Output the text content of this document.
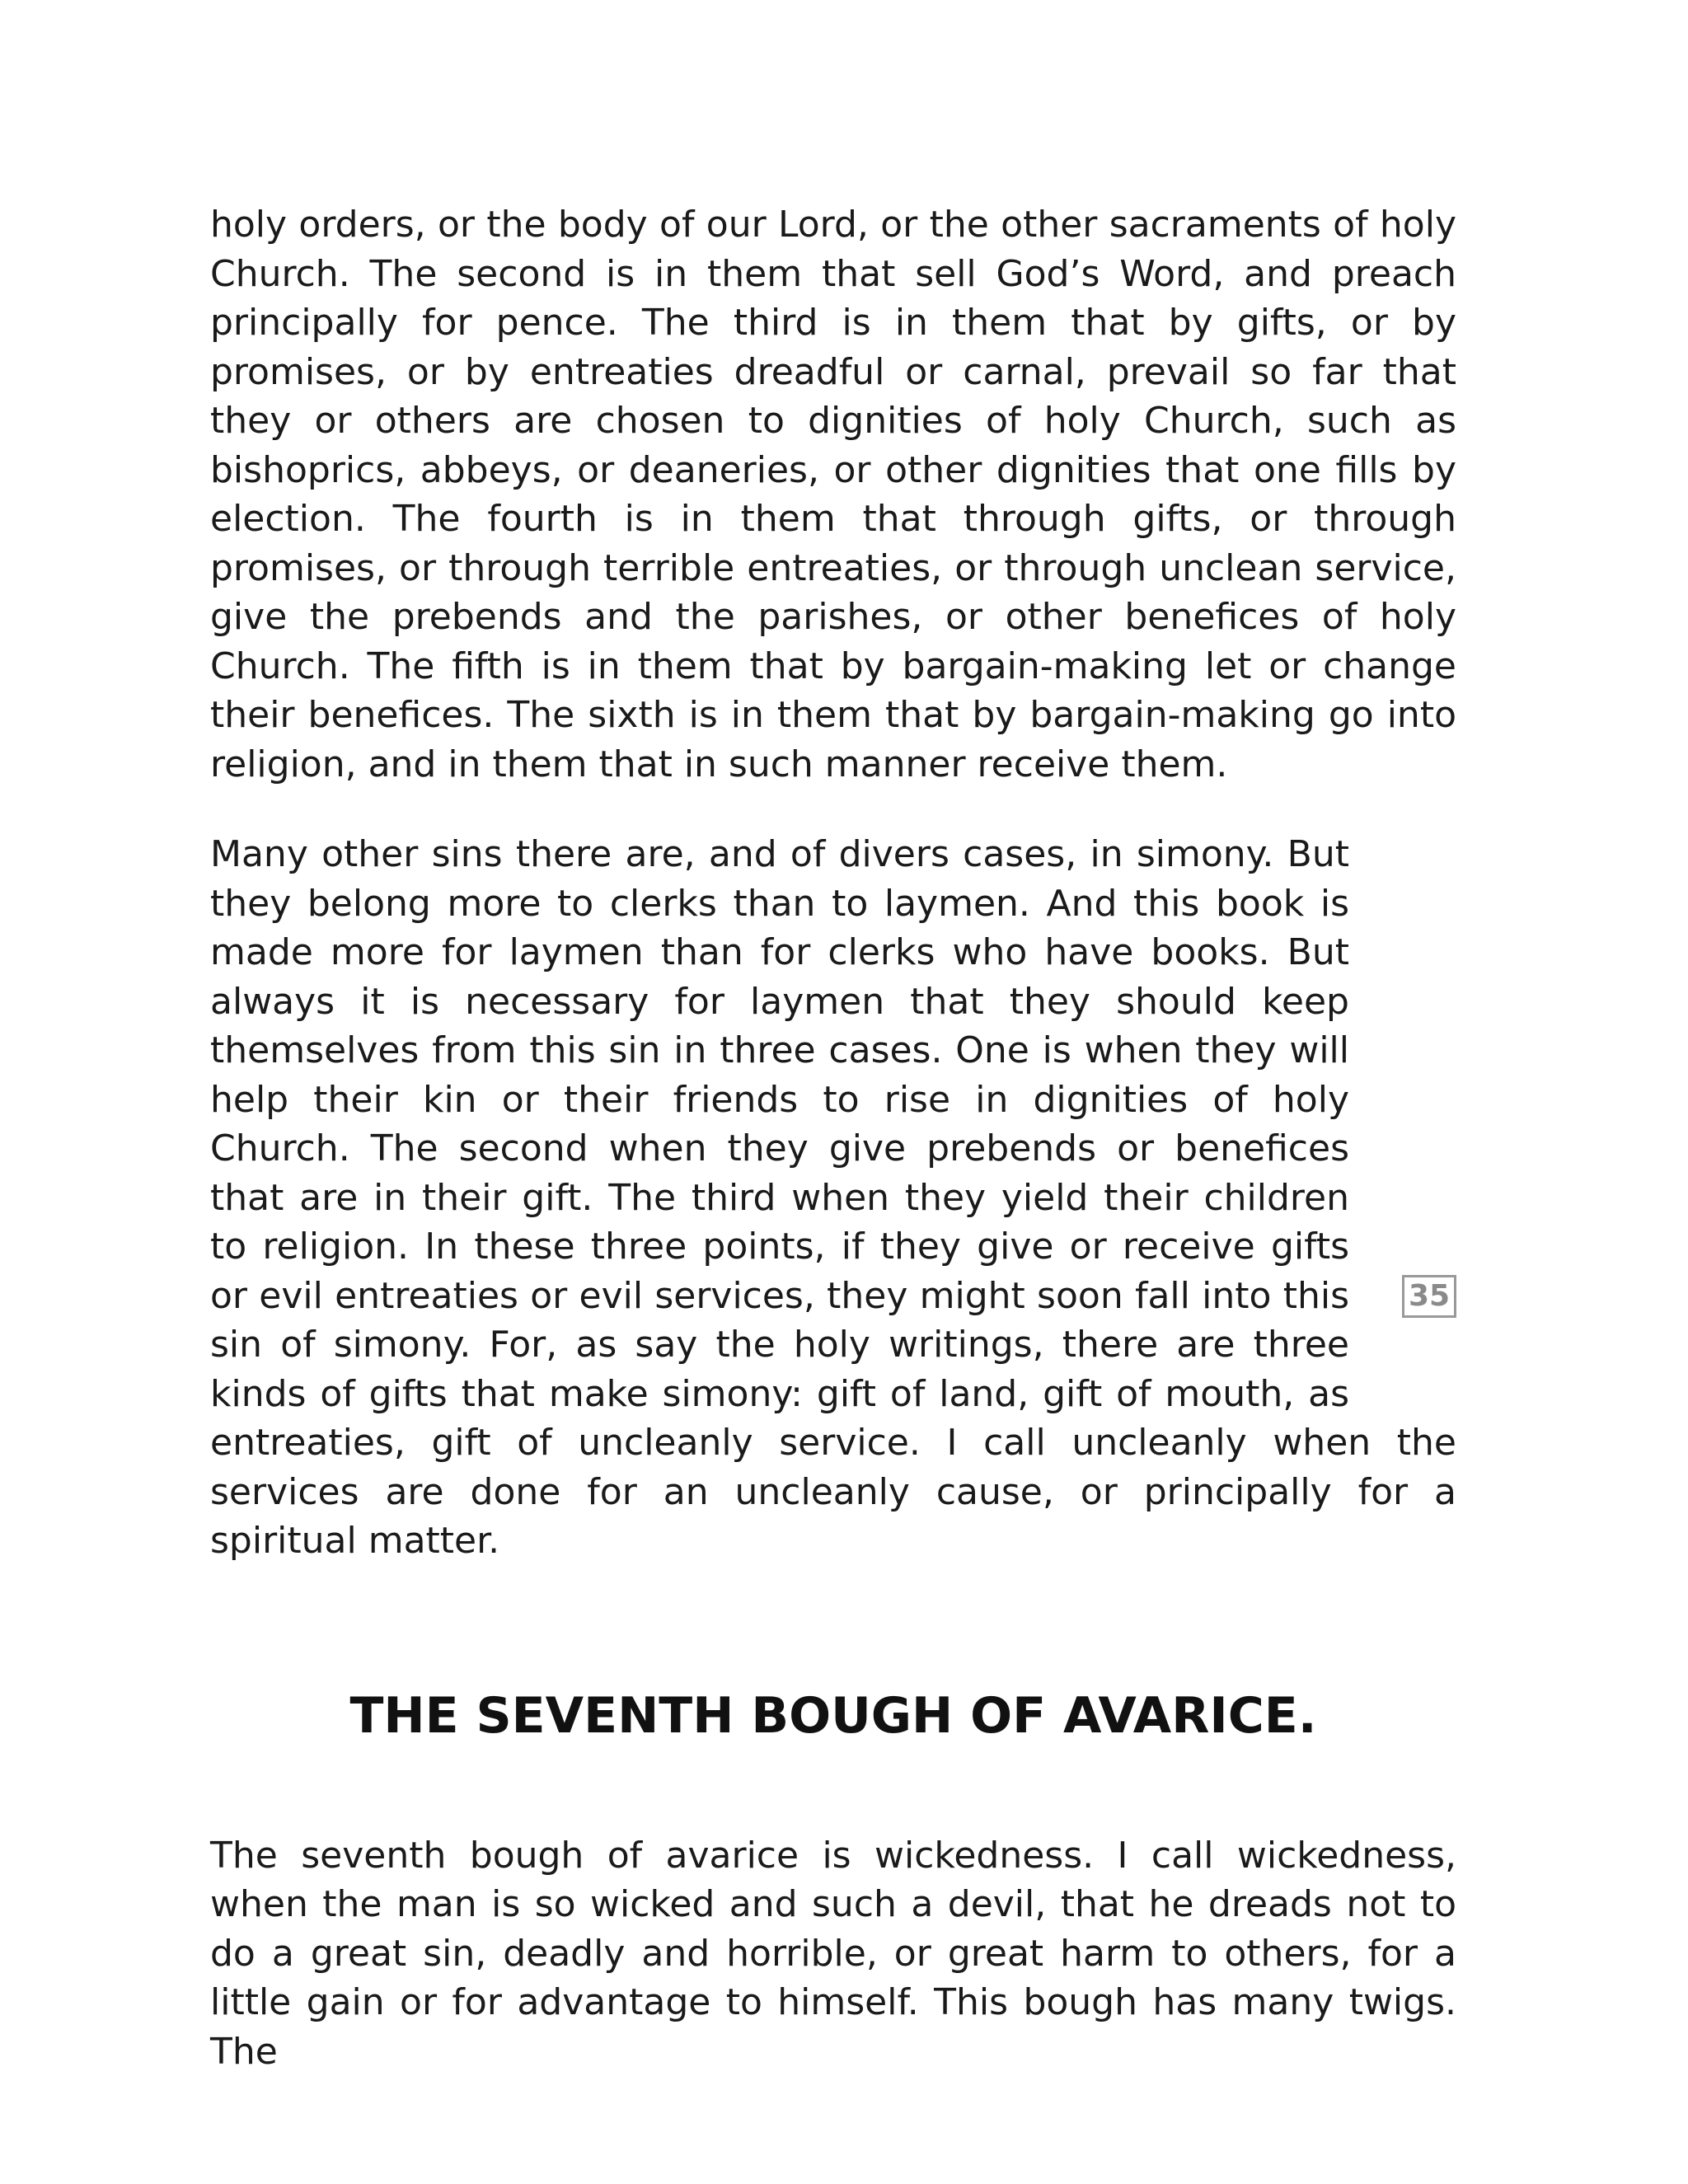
holy orders, or the body of our Lord, or the other sacraments of holy Church. The second is in them that sell God’s Word, and preach principally for pence. The third is in them that by gifts, or by promises, or by entreaties dreadful or carnal, prevail so far that they or others are chosen to dignities of holy Church, such as bishoprics, abbeys, or deaneries, or other dignities that one fills by election. The fourth is in them that through gifts, or through promises, or through terrible entreaties, or through unclean service, give the prebends and the parishes, or other benefices of holy Church. The fifth is in them that by bargain-making let or change their benefices. The sixth is in them that by bargain-making go into religion, and in them that in such manner receive them.

35

Many other sins there are, and of divers cases, in simony. But they belong more to clerks than to laymen. And this book is made more for laymen than for clerks who have books. But always it is necessary for laymen that they should keep themselves from this sin in three cases. One is when they will help their kin or their friends to rise in dignities of holy Church. The second when they give prebends or benefices that are in their gift. The third when they yield their children to religion. In these three points, if they give or receive gifts or evil entreaties or evil services, they might soon fall into this sin of simony. For, as say the holy writings, there are three kinds of gifts that make simony: gift of land, gift of mouth, as entreaties, gift of uncleanly service. I call uncleanly when the services are done for an uncleanly cause, or principally for a spiritual matter.

THE SEVENTH BOUGH OF AVARICE.

The seventh bough of avarice is wickedness. I call wickedness, when the man is so wicked and such a devil, that he dreads not to do a great sin, deadly and horrible, or great harm to others, for a little gain or for advantage to himself. This bough has many twigs. The
